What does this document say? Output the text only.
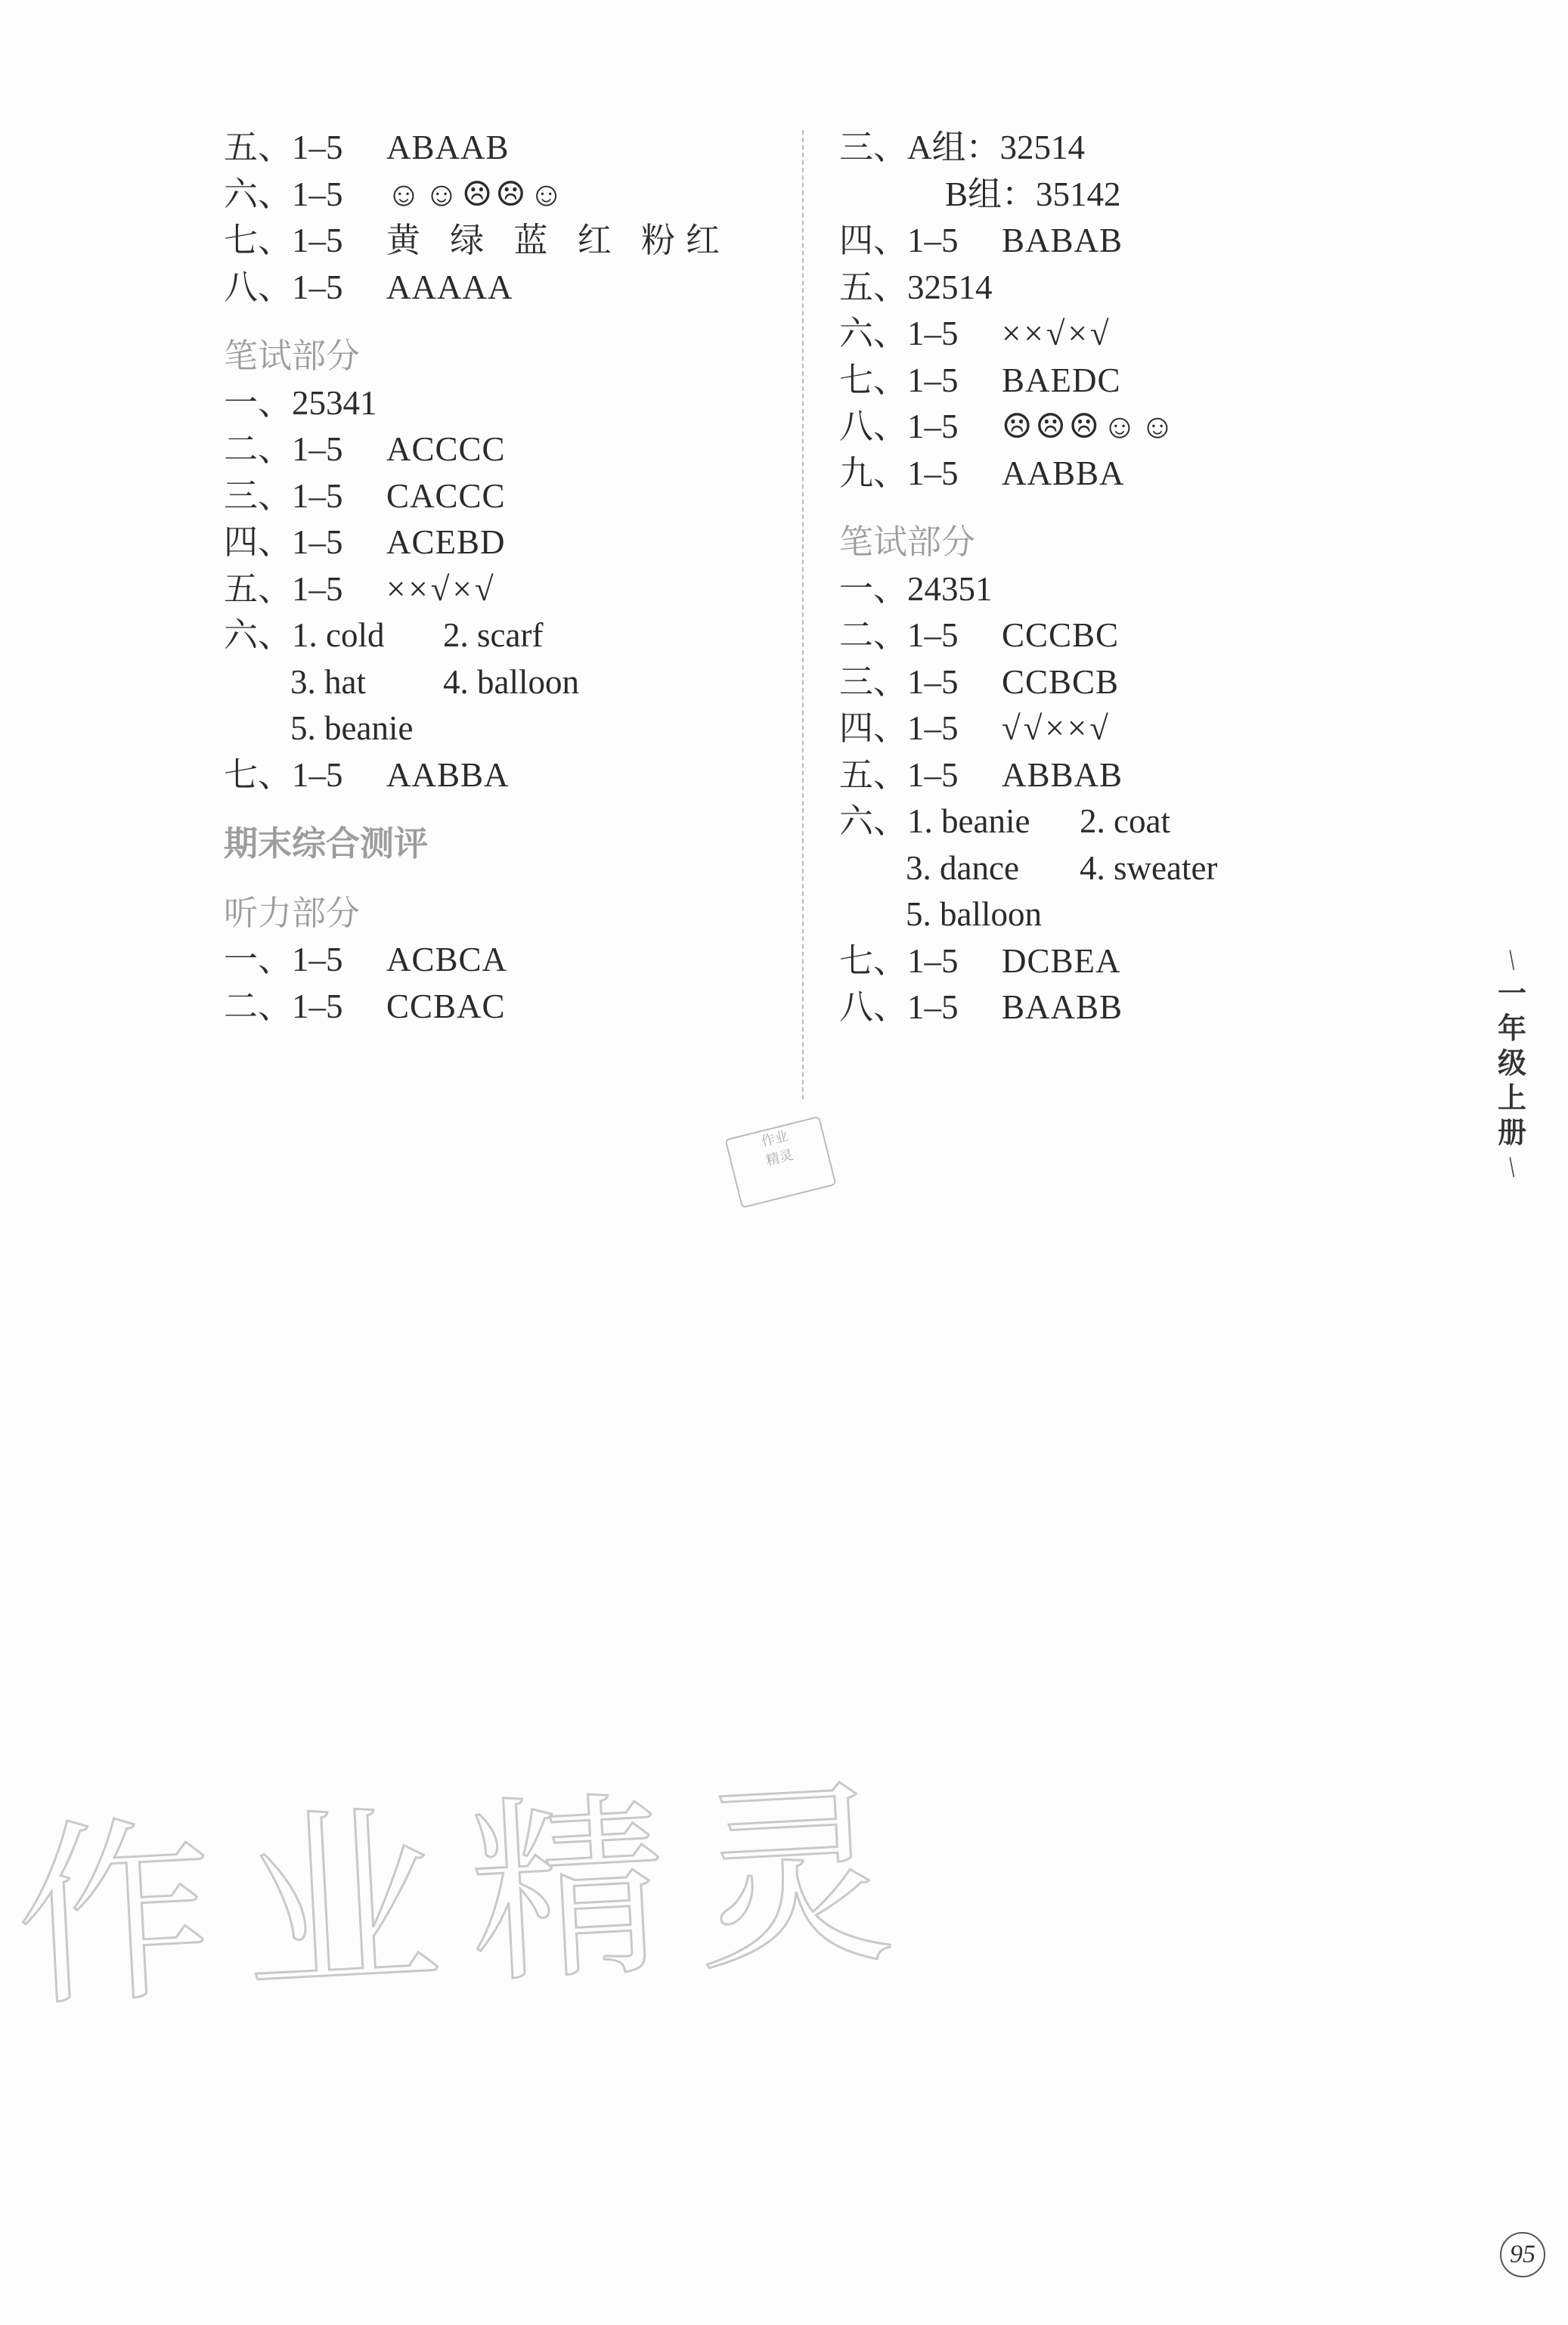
五、1–5 ABAAB
六、1–5 ☺☺☹☹☺
七、1–5 黄 绿 蓝 红 粉红
八、1–5 AAAAA
笔试部分
一、25341
二、1–5 ACCCC
三、1–5 CACCC
四、1–5 ACEBD
五、1–5 ××√×√
六、1. cold 2. scarf
3. hat 4. balloon
5. beanie
七、1–5 AABBA
期末综合测评
听力部分
一、1–5 ACBCA
二、1–5 CCBAC
三、A组：32514
B组：35142
四、1–5 BABAB
五、32514
六、1–5 ××√×√
七、1–5 BAEDC
八、1–5 ☹☹☹☺☺
九、1–5 AABBA
笔试部分
一、24351
二、1–5 CCCBC
三、1–5 CCBCB
四、1–5 √√××√
五、1–5 ABBAB
六、1. beanie 2. coat
3. dance 4. sweater
5. balloon
七、1–5 DCBEA
八、1–5 BAABB
/
一
年
级
上
册
/
95
作业精灵
作业
精灵
